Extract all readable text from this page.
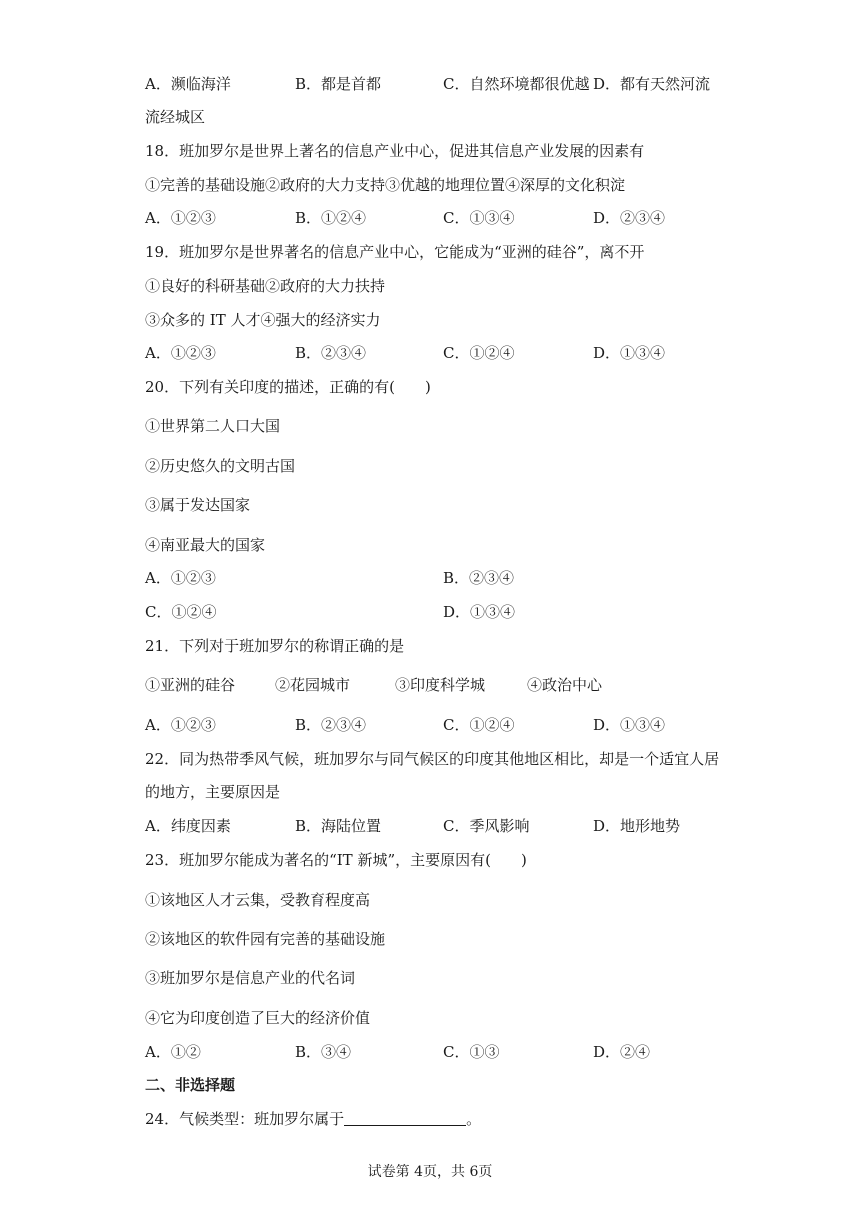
A．濒临海洋	B．都是首都	C．自然环境都很优越 D．都有天然河流
流经城区
18．班加罗尔是世界上著名的信息产业中心，促进其信息产业发展的因素有
①完善的基础设施②政府的大力支持③优越的地理位置④深厚的文化积淀
A．①②③	B．①②④	C．①③④	D．②③④
19．班加罗尔是世界著名的信息产业中心，它能成为“亚洲的硅谷”，离不开
①良好的科研基础②政府的大力扶持
③众多的 IT 人才④强大的经济实力
A．①②③	B．②③④	C．①②④	D．①③④
20．下列有关印度的描述，正确的有(　　)
①世界第二人口大国
②历史悠久的文明古国
③属于发达国家
④南亚最大的国家
A．①②③	B．②③④
C．①②④	D．①③④
21．下列对于班加罗尔的称谓正确的是
①亚洲的硅谷	②花园城市	③印度科学城	④政治中心
A．①②③	B．②③④	C．①②④	D．①③④
22．同为热带季风气候，班加罗尔与同气候区的印度其他地区相比，却是一个适宜人居
的地方，主要原因是
A．纬度因素	B．海陆位置	C．季风影响	D．地形地势
23．班加罗尔能成为著名的“IT 新城”，主要原因有(　　)
①该地区人才云集，受教育程度高
②该地区的软件园有完善的基础设施
③班加罗尔是信息产业的代名词
④它为印度创造了巨大的经济价值
A．①②	B．③④	C．①③	D．②④
二、非选择题
24．气候类型：班加罗尔属于	。
试卷第 4页，共 6页
